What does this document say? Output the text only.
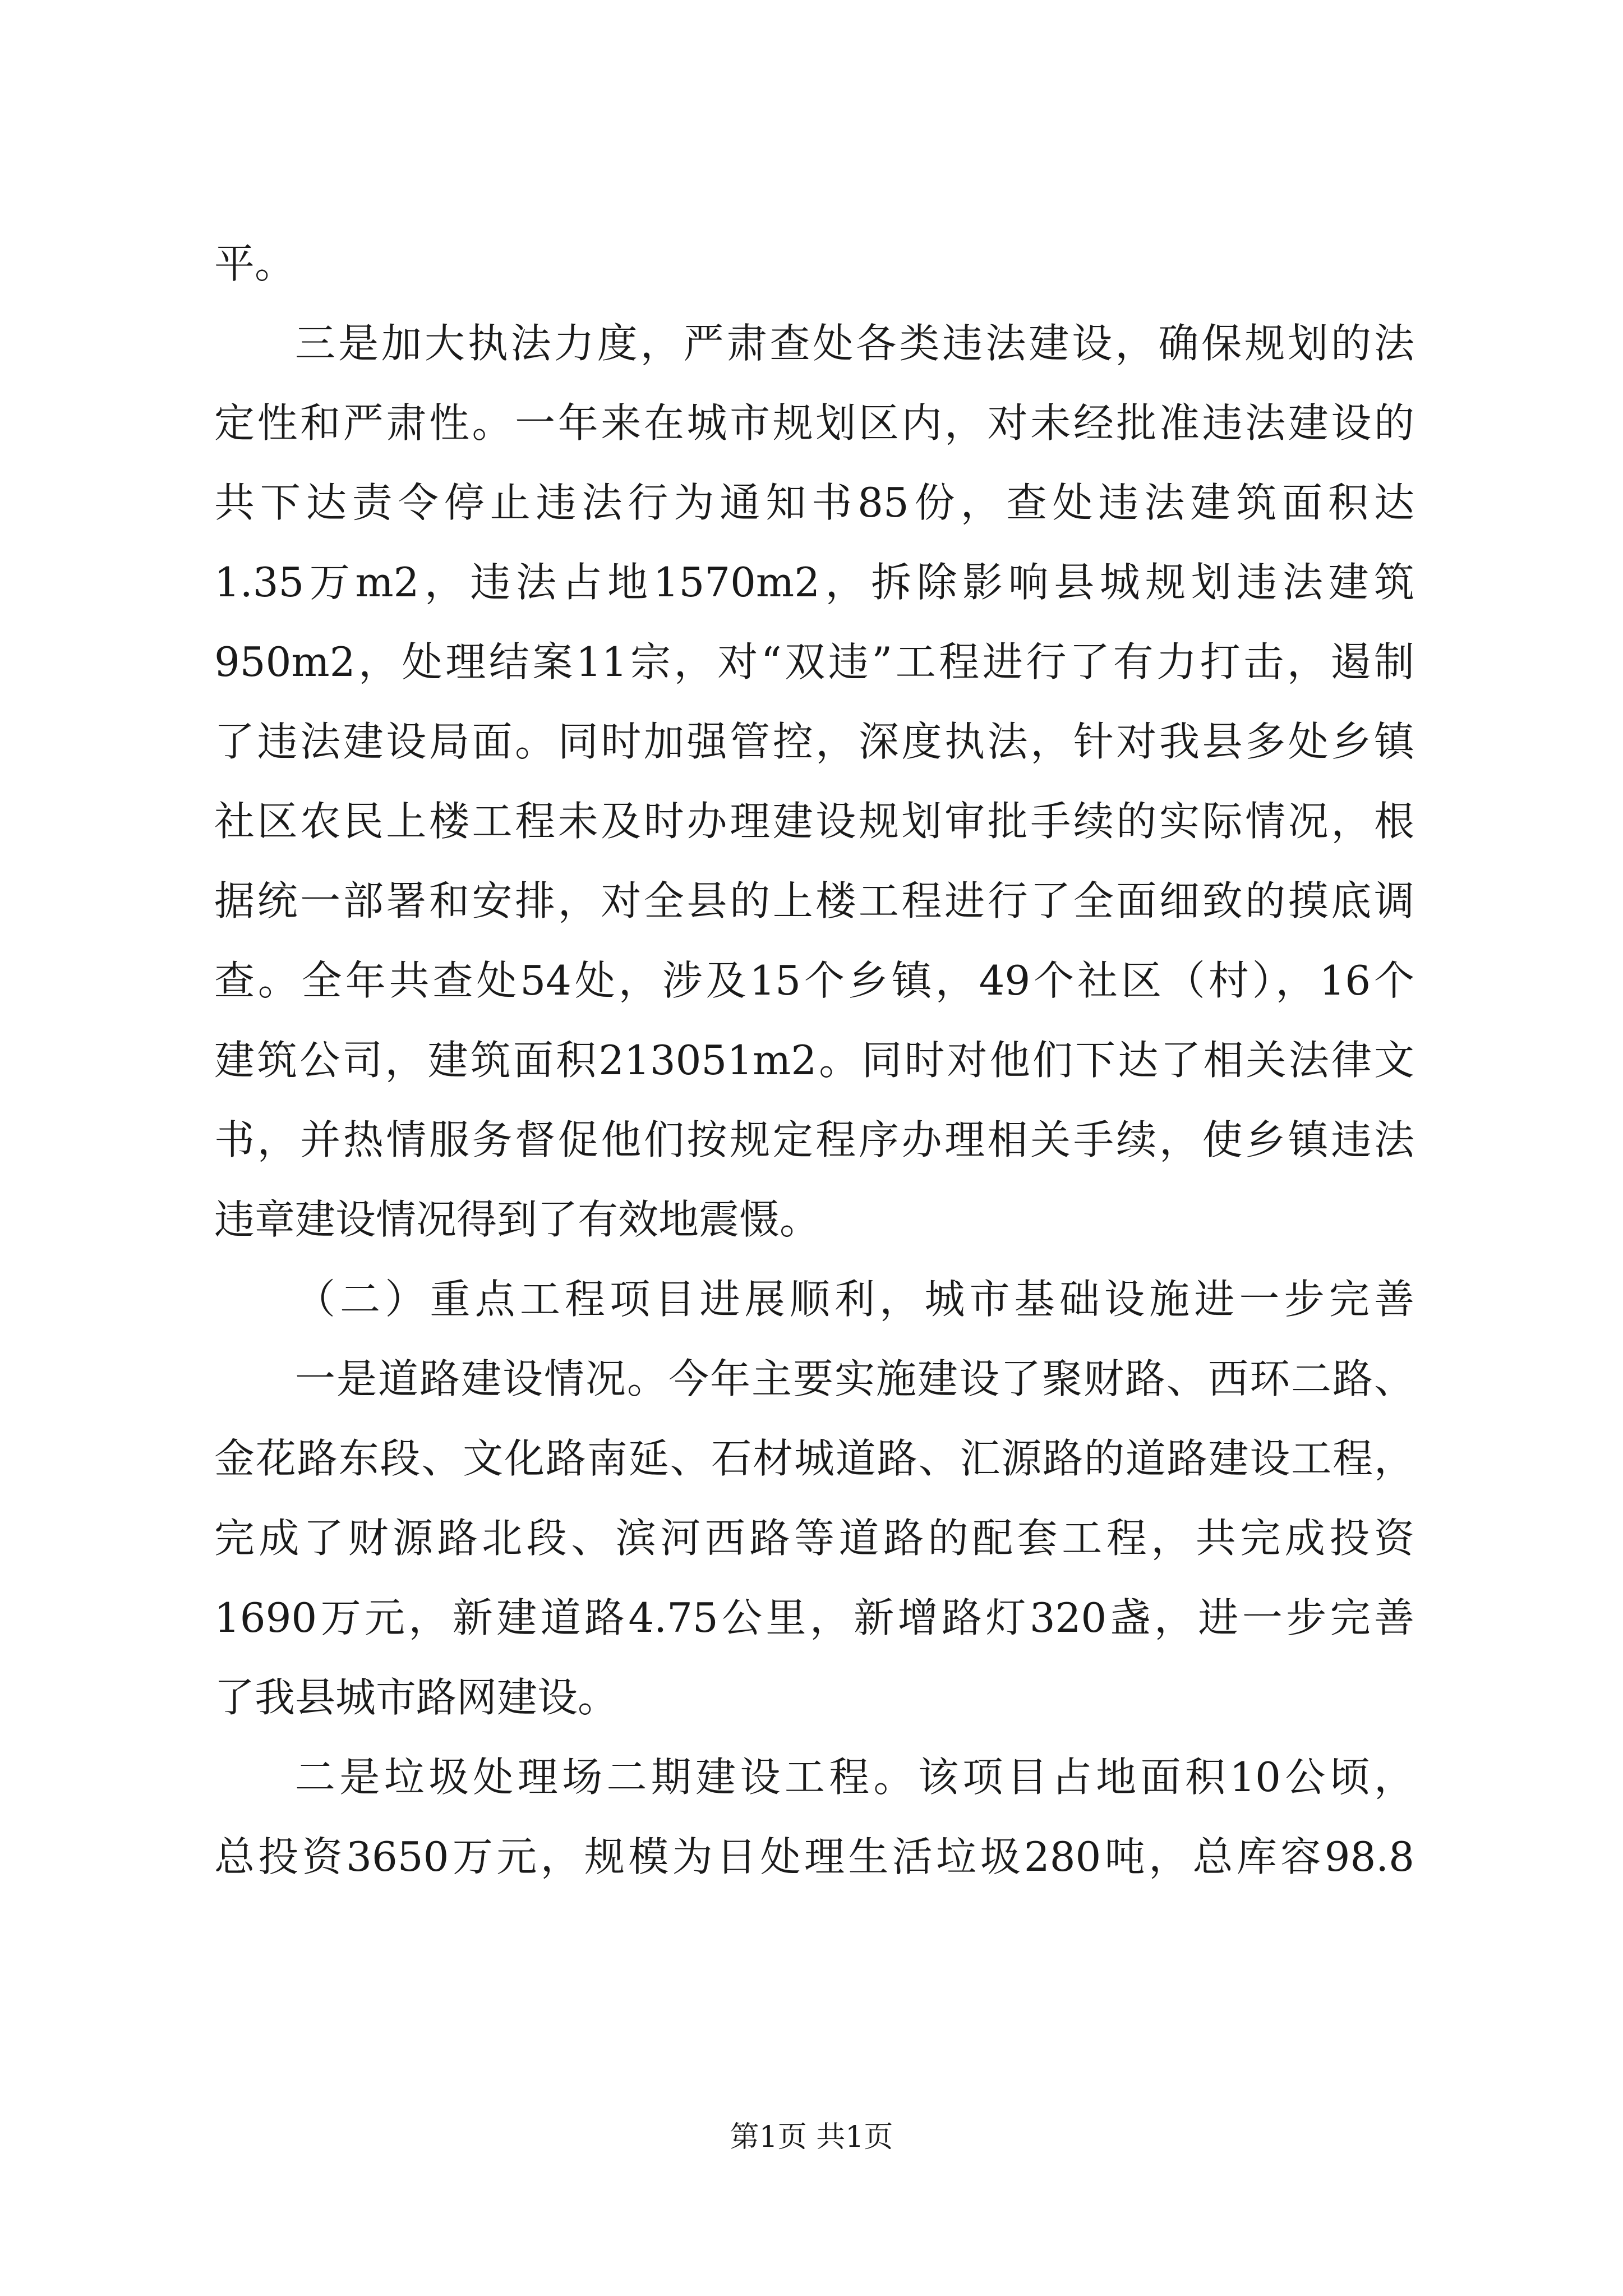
平。
三是加大执法力度，严肃查处各类违法建设，确保规划的法
定性和严肃性。一年来在城市规划区内，对未经批准违法建设的
共下达责令停止违法行为通知书85份，查处违法建筑面积达
1.35万m2，违法占地1570m2，拆除影响县城规划违法建筑
950m2，处理结案11宗，对“双违”工程进行了有力打击，遏制
了违法建设局面。同时加强管控，深度执法，针对我县多处乡镇
社区农民上楼工程未及时办理建设规划审批手续的实际情况，根
据统一部署和安排，对全县的上楼工程进行了全面细致的摸底调
查。全年共查处54处，涉及15个乡镇，49个社区（村），16个
建筑公司，建筑面积213051m2。同时对他们下达了相关法律文
书，并热情服务督促他们按规定程序办理相关手续，使乡镇违法
违章建设情况得到了有效地震慑。
（二）重点工程项目进展顺利，城市基础设施进一步完善
一是道路建设情况。今年主要实施建设了聚财路、西环二路、
金花路东段、文化路南延、石材城道路、汇源路的道路建设工程，
完成了财源路北段、滨河西路等道路的配套工程，共完成投资
1690万元，新建道路4.75公里，新增路灯320盏，进一步完善
了我县城市路网建设。
二是垃圾处理场二期建设工程。该项目占地面积10公顷，
总投资3650万元，规模为日处理生活垃圾280吨，总库容98.8
第1页 共1页
